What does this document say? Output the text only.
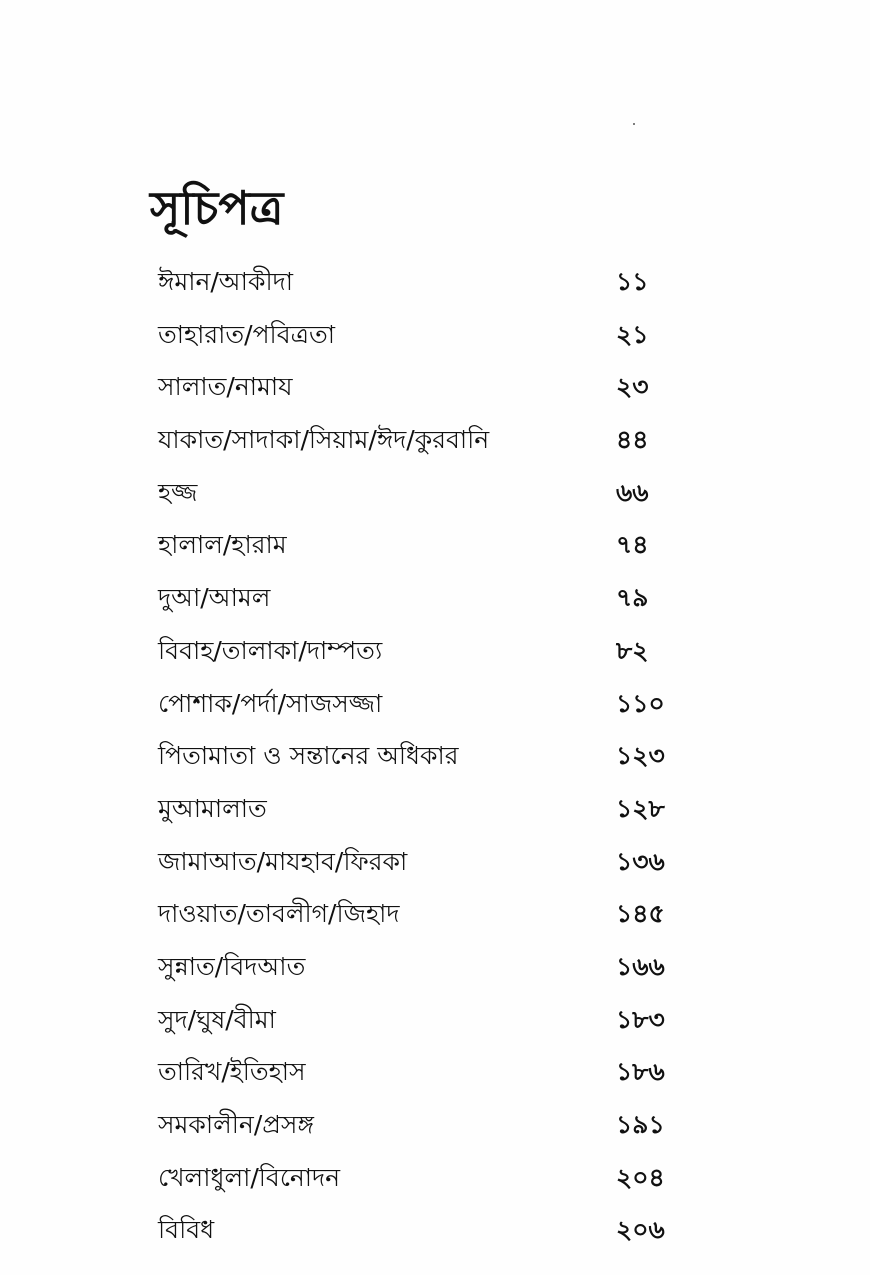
সূচিপত্র
ঈমান/আকীদা	১১
তাহারাত/পবিত্রতা	২১
সালাত/নামায	২৩
যাকাত/সাদাকা/সিয়াম/ঈদ/কুরবানি	৪৪
হজ্জ	৬৬
হালাল/হারাম	৭৪
দুআ/আমল	৭৯
বিবাহ/তালাকা/দাম্পত্য	৮২
পোশাক/পর্দা/সাজসজ্জা	১১০
পিতামাতা ও সন্তানের অধিকার	১২৩
মুআমালাত	১২৮
জামাআত/মাযহাব/ফিরকা	১৩৬
দাওয়াত/তাবলীগ/জিহাদ	১৪৫
সুন্নাত/বিদআত	১৬৬
সুদ/ঘুষ/বীমা	১৮৩
তারিখ/ইতিহাস	১৮৬
সমকালীন/প্রসঙ্গ	১৯১
খেলাধুলা/বিনোদন	২০৪
বিবিধ	২০৬
